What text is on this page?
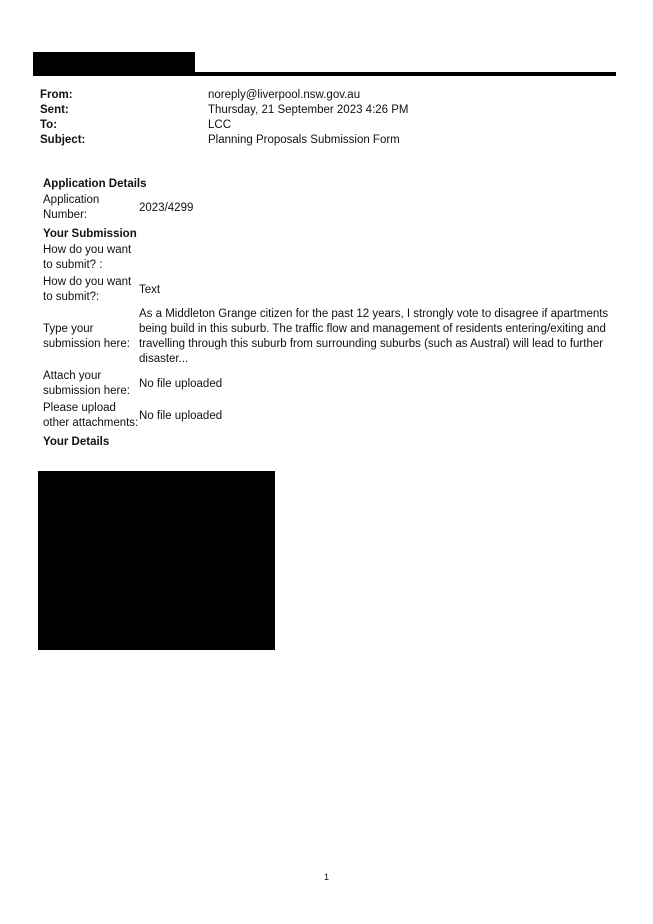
From:	noreply@liverpool.nsw.gov.au
Sent:	Thursday, 21 September 2023 4:26 PM
To:	LCC
Subject:	Planning Proposals Submission Form
Application Details
Application Number:
2023/4299
Your Submission
How do you want to submit? :
How do you want to submit?:
Text
Type your submission here:
As a Middleton Grange citizen for the past 12 years, I strongly vote to disagree if apartments being build in this suburb. The traffic flow and management of residents entering/exiting and travelling through this suburb from surrounding suburbs (such as Austral) will lead to further disaster...
Attach your submission here:
No file uploaded
Please upload other attachments:
No file uploaded
Your Details
1
